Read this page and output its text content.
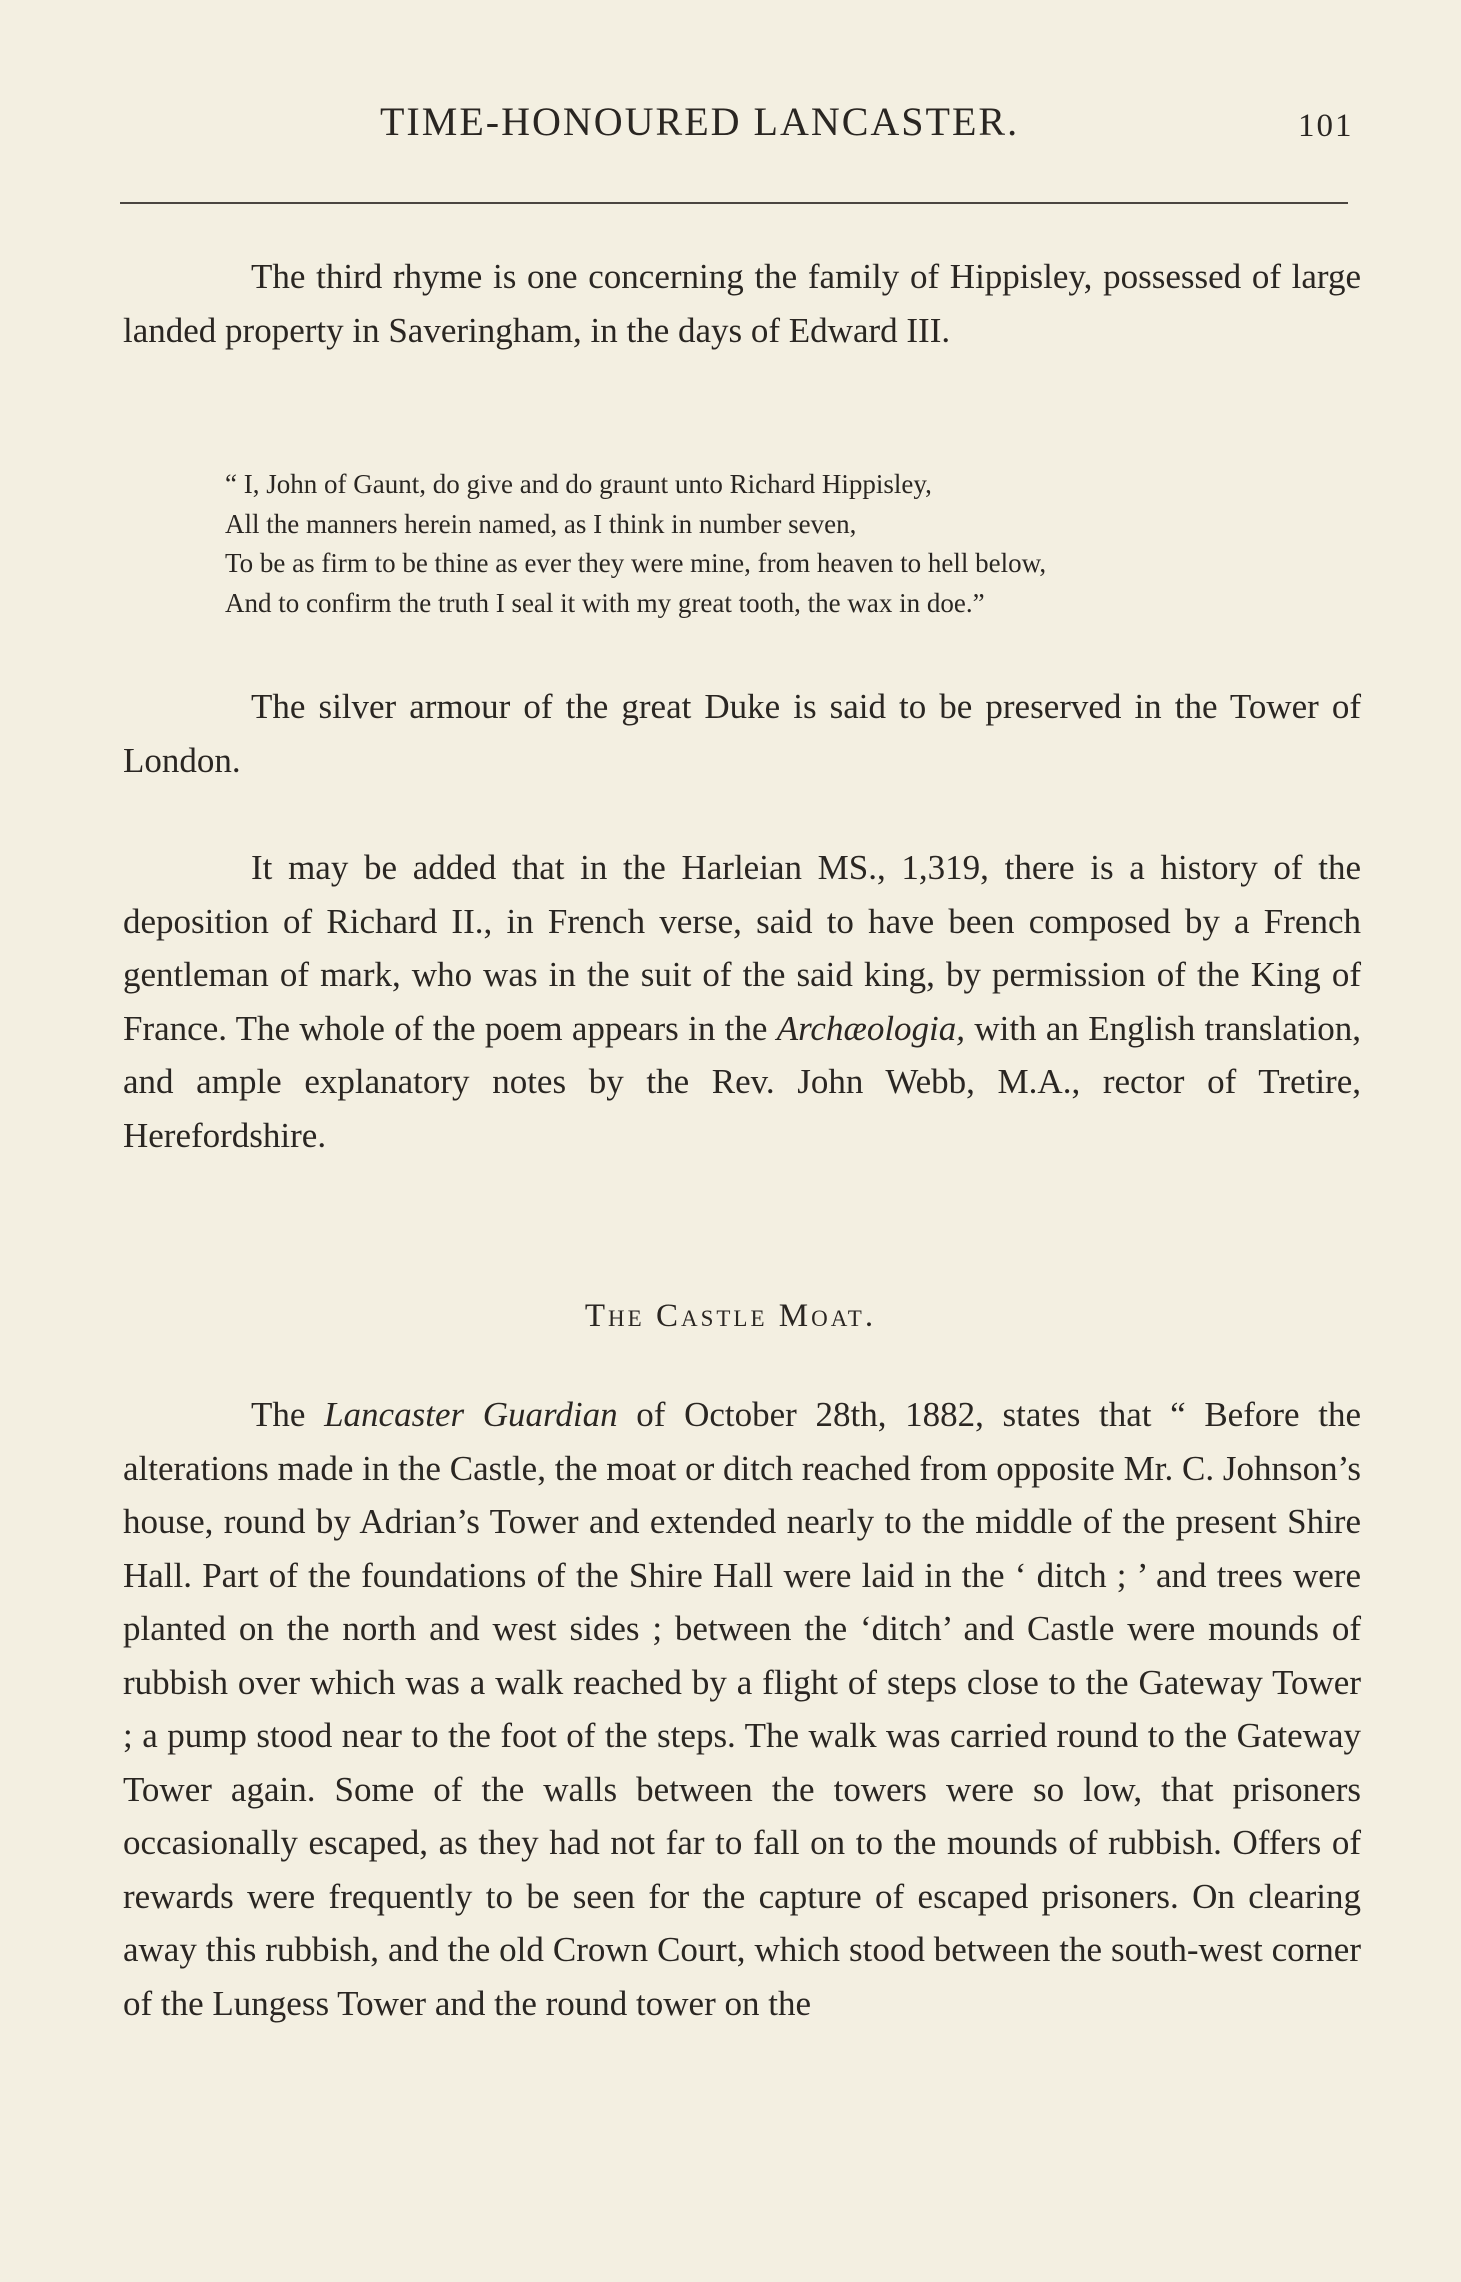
TIME-HONOURED LANCASTER.	101

The third rhyme is one concerning the family of Hippisley, possessed of large landed property in Saveringham, in the days of Edward III.

“ I, John of Gaunt, do give and do graunt unto Richard Hippisley,
All the manners herein named, as I think in number seven,
To be as firm to be thine as ever they were mine, from heaven to hell below,
And to confirm the truth I seal it with my great tooth, the wax in doe.”

The silver armour of the great Duke is said to be preserved in the Tower of London.

It may be added that in the Harleian MS., 1,319, there is a history of the deposition of Richard II., in French verse, said to have been composed by a French gentleman of mark, who was in the suit of the said king, by permission of the King of France. The whole of the poem appears in the Archæologia, with an English translation, and ample explanatory notes by the Rev. John Webb, M.A., rector of Tretire, Herefordshire.

The Castle Moat.

The Lancaster Guardian of October 28th, 1882, states that “ Before the alterations made in the Castle, the moat or ditch reached from opposite Mr. C. Johnson’s house, round by Adrian’s Tower and extended nearly to the middle of the present Shire Hall. Part of the foundations of the Shire Hall were laid in the ‘ ditch ; ’ and trees were planted on the north and west sides ; between the ‘ditch’ and Castle were mounds of rubbish over which was a walk reached by a flight of steps close to the Gateway Tower ; a pump stood near to the foot of the steps. The walk was carried round to the Gateway Tower again. Some of the walls between the towers were so low, that prisoners occasionally escaped, as they had not far to fall on to the mounds of rubbish. Offers of rewards were frequently to be seen for the capture of escaped prisoners. On clearing away this rubbish, and the old Crown Court, which stood between the south-west corner of the Lungess Tower and the round tower on the
